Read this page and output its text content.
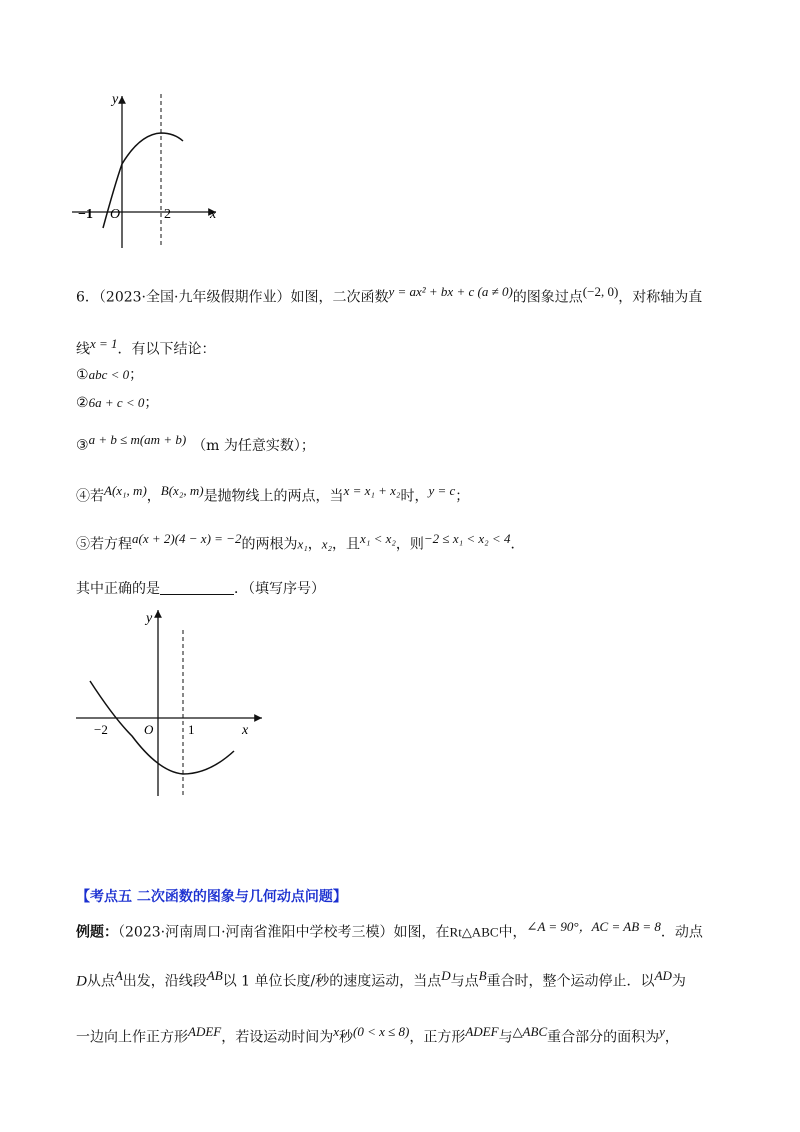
y
x
O
−1	2
6．（2023·全国·九年级假期作业）如图，二次函数$^{y = ax^2 + bx + c (a \ne 0)}$的图象过点$^{(-2, 0)}$，对称轴为直
线$^{x = 1}$．有以下结论：
①abc < 0；
②6a + c < 0；
③$^{a + b \le m(am + b)}$ （m 为任意实数）；
④若$^{A(x_1, m)}$，$^{B(x_2, m)}$是抛物线上的两点，当$^{x = x_1 + x_2}$时，$^{y = c}$；
⑤若方程$^{a(x + 2)(4 - x) = -2}$的两根为x₁，x₂，且$^{x_1 < x_2}$，则$^{-2 \le x_1 < x_2 < 4}$．
其中正确的是	．（填写序号）
y
x
O
−2	1
【考点五 二次函数的图象与几何动点问题】
例题：（2023·河南周口·河南省淮阳中学校考三模）如图，在Rt△ABC中，$^{\angle A = 90^\circ,AC = AB = 8}$．动点
D从点$^A$出发，沿线段$^{AB}$以 1 单位长度/秒的速度运动，当点$^D$与点$^B$重合时，整个运动停止．以$^{AD}$为
一边向上作正方形$^{ADEF}$，若设运动时间为$^x$秒$^{(0 < x \le 8)}$，正方形$^{ADEF}$与$^{\triangle ABC}$重合部分的面积为$^y$，
